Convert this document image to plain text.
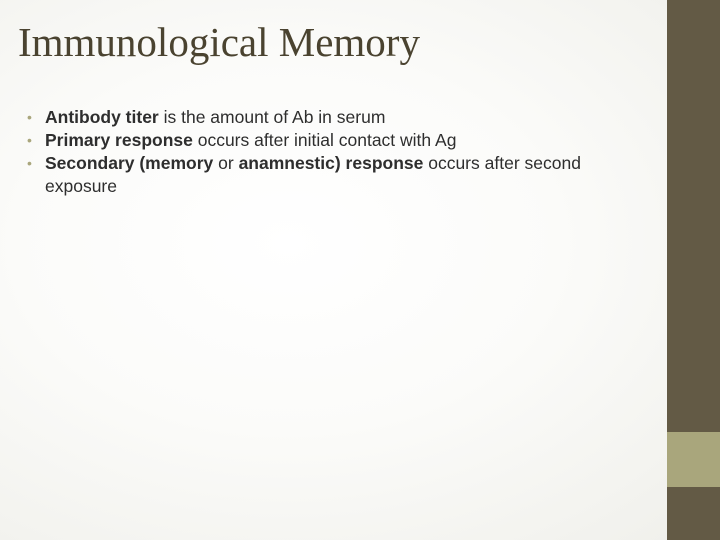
Immunological Memory
• Antibody titer is the amount of Ab in serum
• Primary response occurs after initial contact with Ag
• Secondary (memory or anamnestic) response occurs after second exposure
